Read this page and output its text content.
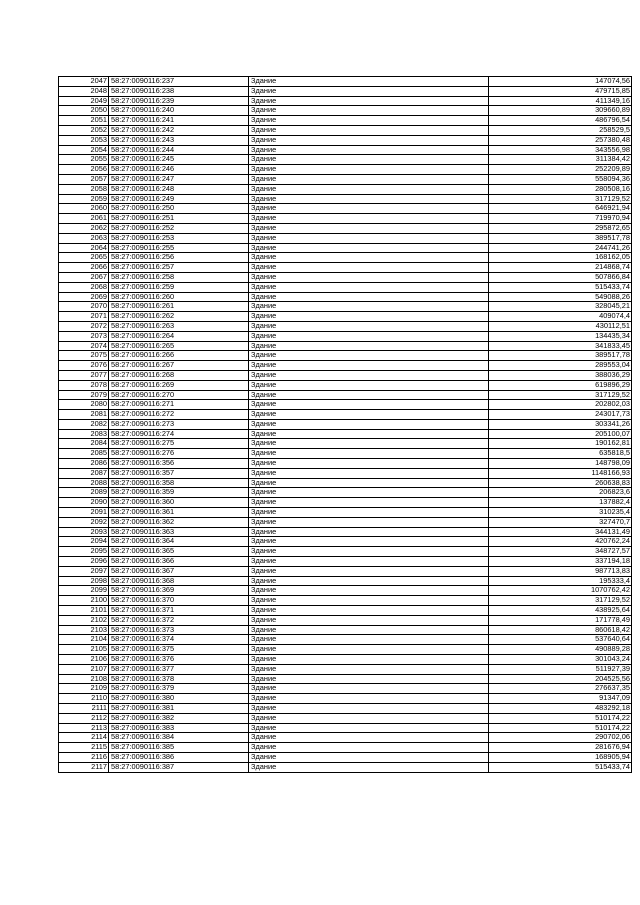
2047	58:27:0090116:237	Здание	147074,56
2048	58:27:0090116:238	Здание	479715,85
2049	58:27:0090116:239	Здание	411349,16
2050	58:27:0090116:240	Здание	309660,89
2051	58:27:0090116:241	Здание	486796,54
2052	58:27:0090116:242	Здание	258529,5
2053	58:27:0090116:243	Здание	257380,48
2054	58:27:0090116:244	Здание	343556,98
2055	58:27:0090116:245	Здание	311384,42
2056	58:27:0090116:246	Здание	252209,89
2057	58:27:0090116:247	Здание	558094,36
2058	58:27:0090116:248	Здание	280508,16
2059	58:27:0090116:249	Здание	317129,52
2060	58:27:0090116:250	Здание	646921,94
2061	58:27:0090116:251	Здание	719970,94
2062	58:27:0090116:252	Здание	295872,65
2063	58:27:0090116:253	Здание	389517,78
2064	58:27:0090116:255	Здание	244741,26
2065	58:27:0090116:256	Здание	168162,05
2066	58:27:0090116:257	Здание	214868,74
2067	58:27:0090116:258	Здание	507866,84
2068	58:27:0090116:259	Здание	515433,74
2069	58:27:0090116:260	Здание	549088,26
2070	58:27:0090116:261	Здание	328045,21
2071	58:27:0090116:262	Здание	409074,4
2072	58:27:0090116:263	Здание	430112,51
2073	58:27:0090116:264	Здание	134435,34
2074	58:27:0090116:265	Здание	341833,45
2075	58:27:0090116:266	Здание	389517,78
2076	58:27:0090116:267	Здание	289553,04
2077	58:27:0090116:268	Здание	388036,29
2078	58:27:0090116:269	Здание	619896,29
2079	58:27:0090116:270	Здание	317129,52
2080	58:27:0090116:271	Здание	202802,03
2081	58:27:0090116:272	Здание	243017,73
2082	58:27:0090116:273	Здание	303341,26
2083	58:27:0090116:274	Здание	205100,07
2084	58:27:0090116:275	Здание	190162,81
2085	58:27:0090116:276	Здание	635818,5
2086	58:27:0090116:356	Здание	148798,09
2087	58:27:0090116:357	Здание	1148166,93
2088	58:27:0090116:358	Здание	260638,83
2089	58:27:0090116:359	Здание	206823,6
2090	58:27:0090116:360	Здание	137882,4
2091	58:27:0090116:361	Здание	310235,4
2092	58:27:0090116:362	Здание	327470,7
2093	58:27:0090116:363	Здание	344131,49
2094	58:27:0090116:364	Здание	420762,24
2095	58:27:0090116:365	Здание	348727,57
2096	58:27:0090116:366	Здание	337194,18
2097	58:27:0090116:367	Здание	987713,83
2098	58:27:0090116:368	Здание	195333,4
2099	58:27:0090116:369	Здание	1070762,42
2100	58:27:0090116:370	Здание	317129,52
2101	58:27:0090116:371	Здание	438925,64
2102	58:27:0090116:372	Здание	171778,49
2103	58:27:0090116:373	Здание	860618,42
2104	58:27:0090116:374	Здание	537640,64
2105	58:27:0090116:375	Здание	490889,28
2106	58:27:0090116:376	Здание	301043,24
2107	58:27:0090116:377	Здание	511927,39
2108	58:27:0090116:378	Здание	204525,56
2109	58:27:0090116:379	Здание	276637,35
2110	58:27:0090116:380	Здание	91347,09
2111	58:27:0090116:381	Здание	483292,18
2112	58:27:0090116:382	Здание	510174,22
2113	58:27:0090116:383	Здание	510174,22
2114	58:27:0090116:384	Здание	290702,06
2115	58:27:0090116:385	Здание	281676,94
2116	58:27:0090116:386	Здание	168905,94
2117	58:27:0090116:387	Здание	515433,74
